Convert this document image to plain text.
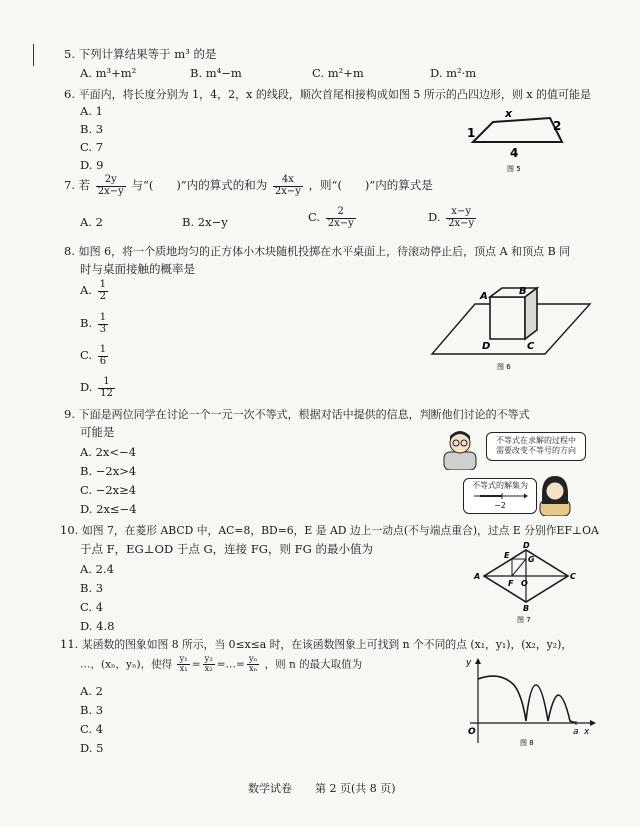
5. 下列计算结果等于 m³ 的是
A. m³+m²	B. m⁴−m	C. m²+m	D. m²·m
6. 平面内，将长度分别为 1，4，2，x 的线段，顺次首尾相接构成如图 5 所示的凸四边形，则 x 的值可能是
A. 1
B. 3
C. 7
D. 9
x
1	2
4
图 5
7. 若 $\frac{2y}{2x-y}$ 与“(　　)”内的算式的和为 $\frac{4x}{2x-y}$ ，则“(　　)”内的算式是
A. 2	B. 2x−y	C. $\frac{2}{2x-y}$	D. $\frac{x-y}{2x-y}$
8. 如图 6，将一个质地均匀的正方体小木块随机投掷在水平桌面上，待滚动停止后，顶点 A 和顶点 B 同
时与桌面接触的概率是
A. $\frac{1}{2}$
B. $\frac{1}{3}$
C. $\frac{1}{6}$
D. $\frac{1}{12}$
A	B
D	C
图 6
9. 下面是两位同学在讨论一个一元一次不等式，根据对话中提供的信息，判断他们讨论的不等式
可能是
A. 2x<−4
B. −2x>4
C. −2x≥4
D. 2x≤−4
不等式在求解的过程中
需要改变不等号的方向
不等式的解集为
−2
10. 如图 7，在菱形 ABCD 中，AC=8，BD=6，E 是 AD 边上一动点(不与端点重合)，过点 E 分别作EF⊥OA
于点 F，EG⊥OD 于点 G，连接 FG，则 FG 的最小值为
A. 2.4
B. 3
C. 4
D. 4.8
D
E G
A
F O
C
B
图 7
11. 某函数的图象如图 8 所示，当 0≤x≤a 时，在该函数图象上可找到 n 个不同的点 (x₁，y₁)，(x₂，y₂)，
…，(xₙ，yₙ)，使得 $\frac{\text{y₁}}{\text{x₁}} = \frac{\text{y₂}}{\text{x₂}}$ =…= $\frac{\text{yₙ}}{\text{xₙ}}$ ，则 n 的最大取值为
A. 2
B. 3
C. 4
D. 5
y
O	a x
图 8
数学试卷 第 2 页(共 8 页)
